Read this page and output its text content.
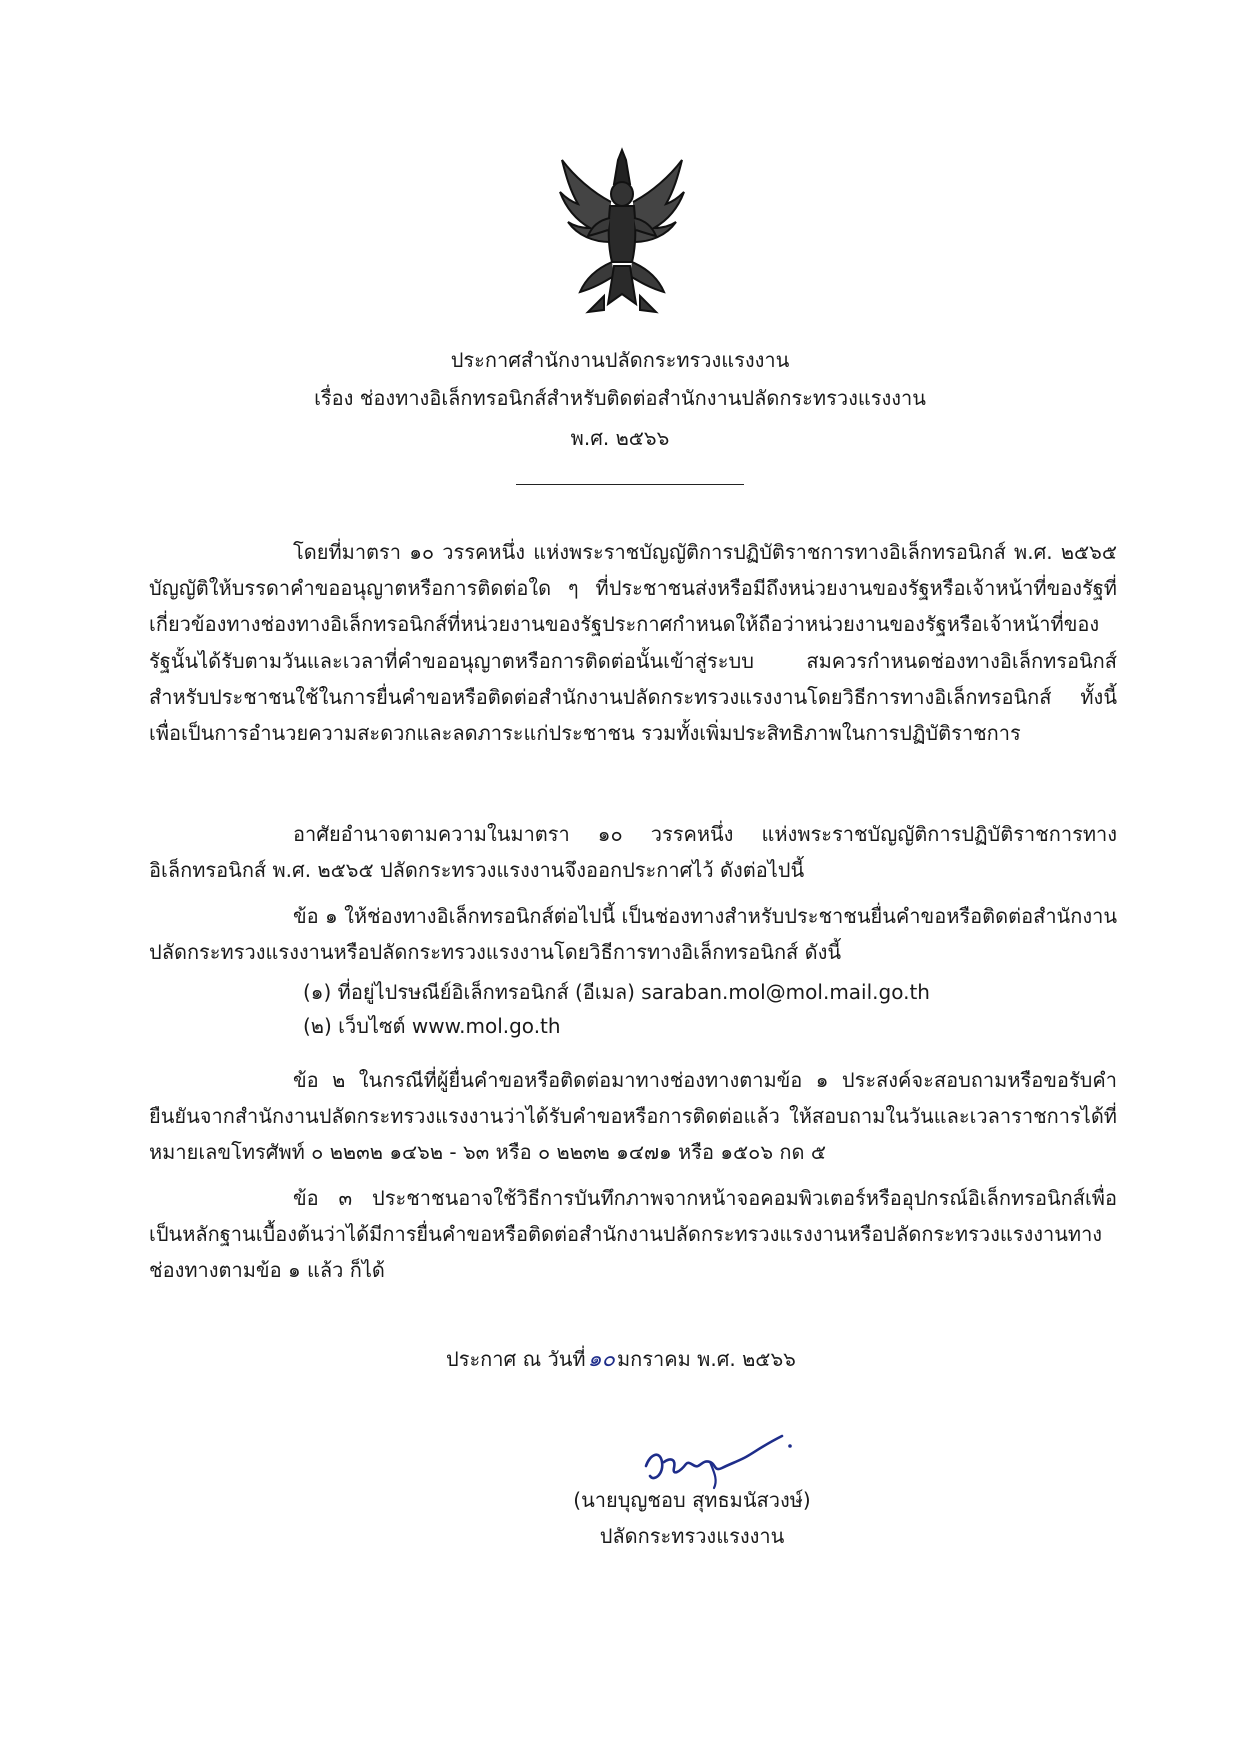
ประกาศสำนักงานปลัดกระทรวงแรงงาน
เรื่อง ช่องทางอิเล็กทรอนิกส์สำหรับติดต่อสำนักงานปลัดกระทรวงแรงงาน
พ.ศ. ๒๕๖๖

โดยที่มาตรา ๑๐ วรรคหนึ่ง แห่งพระราชบัญญัติการปฏิบัติราชการทางอิเล็กทรอนิกส์ พ.ศ. ๒๕๖๕ บัญญัติให้บรรดาคำขออนุญาตหรือการติดต่อใด ๆ ที่ประชาชนส่งหรือมีถึงหน่วยงานของรัฐหรือเจ้าหน้าที่ของรัฐที่เกี่ยวข้องทางช่องทางอิเล็กทรอนิกส์ที่หน่วยงานของรัฐประกาศกำหนดให้ถือว่าหน่วยงานของรัฐหรือเจ้าหน้าที่ของรัฐนั้นได้รับตามวันและเวลาที่คำขออนุญาตหรือการติดต่อนั้นเข้าสู่ระบบ สมควรกำหนดช่องทางอิเล็กทรอนิกส์สำหรับประชาชนใช้ในการยื่นคำขอหรือติดต่อสำนักงานปลัดกระทรวงแรงงานโดยวิธีการทางอิเล็กทรอนิกส์ ทั้งนี้ เพื่อเป็นการอำนวยความสะดวกและลดภาระแก่ประชาชน รวมทั้งเพิ่มประสิทธิภาพในการปฏิบัติราชการ

อาศัยอำนาจตามความในมาตรา ๑๐ วรรคหนึ่ง แห่งพระราชบัญญัติการปฏิบัติราชการทางอิเล็กทรอนิกส์ พ.ศ. ๒๕๖๕ ปลัดกระทรวงแรงงานจึงออกประกาศไว้ ดังต่อไปนี้

ข้อ ๑ ให้ช่องทางอิเล็กทรอนิกส์ต่อไปนี้ เป็นช่องทางสำหรับประชาชนยื่นคำขอหรือติดต่อสำนักงานปลัดกระทรวงแรงงานหรือปลัดกระทรวงแรงงานโดยวิธีการทางอิเล็กทรอนิกส์ ดังนี้

(๑) ที่อยู่ไปรษณีย์อิเล็กทรอนิกส์ (อีเมล) saraban.mol@mol.mail.go.th
(๒) เว็บไซต์ www.mol.go.th

ข้อ ๒ ในกรณีที่ผู้ยื่นคำขอหรือติดต่อมาทางช่องทางตามข้อ ๑ ประสงค์จะสอบถามหรือขอรับคำยืนยันจากสำนักงานปลัดกระทรวงแรงงานว่าได้รับคำขอหรือการติดต่อแล้ว ให้สอบถามในวันและเวลาราชการได้ที่หมายเลขโทรศัพท์ ๐ ๒๒๓๒ ๑๔๖๒ - ๖๓ หรือ ๐ ๒๒๓๒ ๑๔๗๑ หรือ ๑๕๐๖ กด ๕

ข้อ ๓ ประชาชนอาจใช้วิธีการบันทึกภาพจากหน้าจอคอมพิวเตอร์หรืออุปกรณ์อิเล็กทรอนิกส์เพื่อเป็นหลักฐานเบื้องต้นว่าได้มีการยื่นคำขอหรือติดต่อสำนักงานปลัดกระทรวงแรงงานหรือปลัดกระทรวงแรงงานทางช่องทางตามข้อ ๑ แล้ว ก็ได้

ประกาศ ณ วันที่๑๐ มกราคม พ.ศ. ๒๕๖๖
(นายบุญชอบ สุทธมนัสวงษ์)
ปลัดกระทรวงแรงงาน
